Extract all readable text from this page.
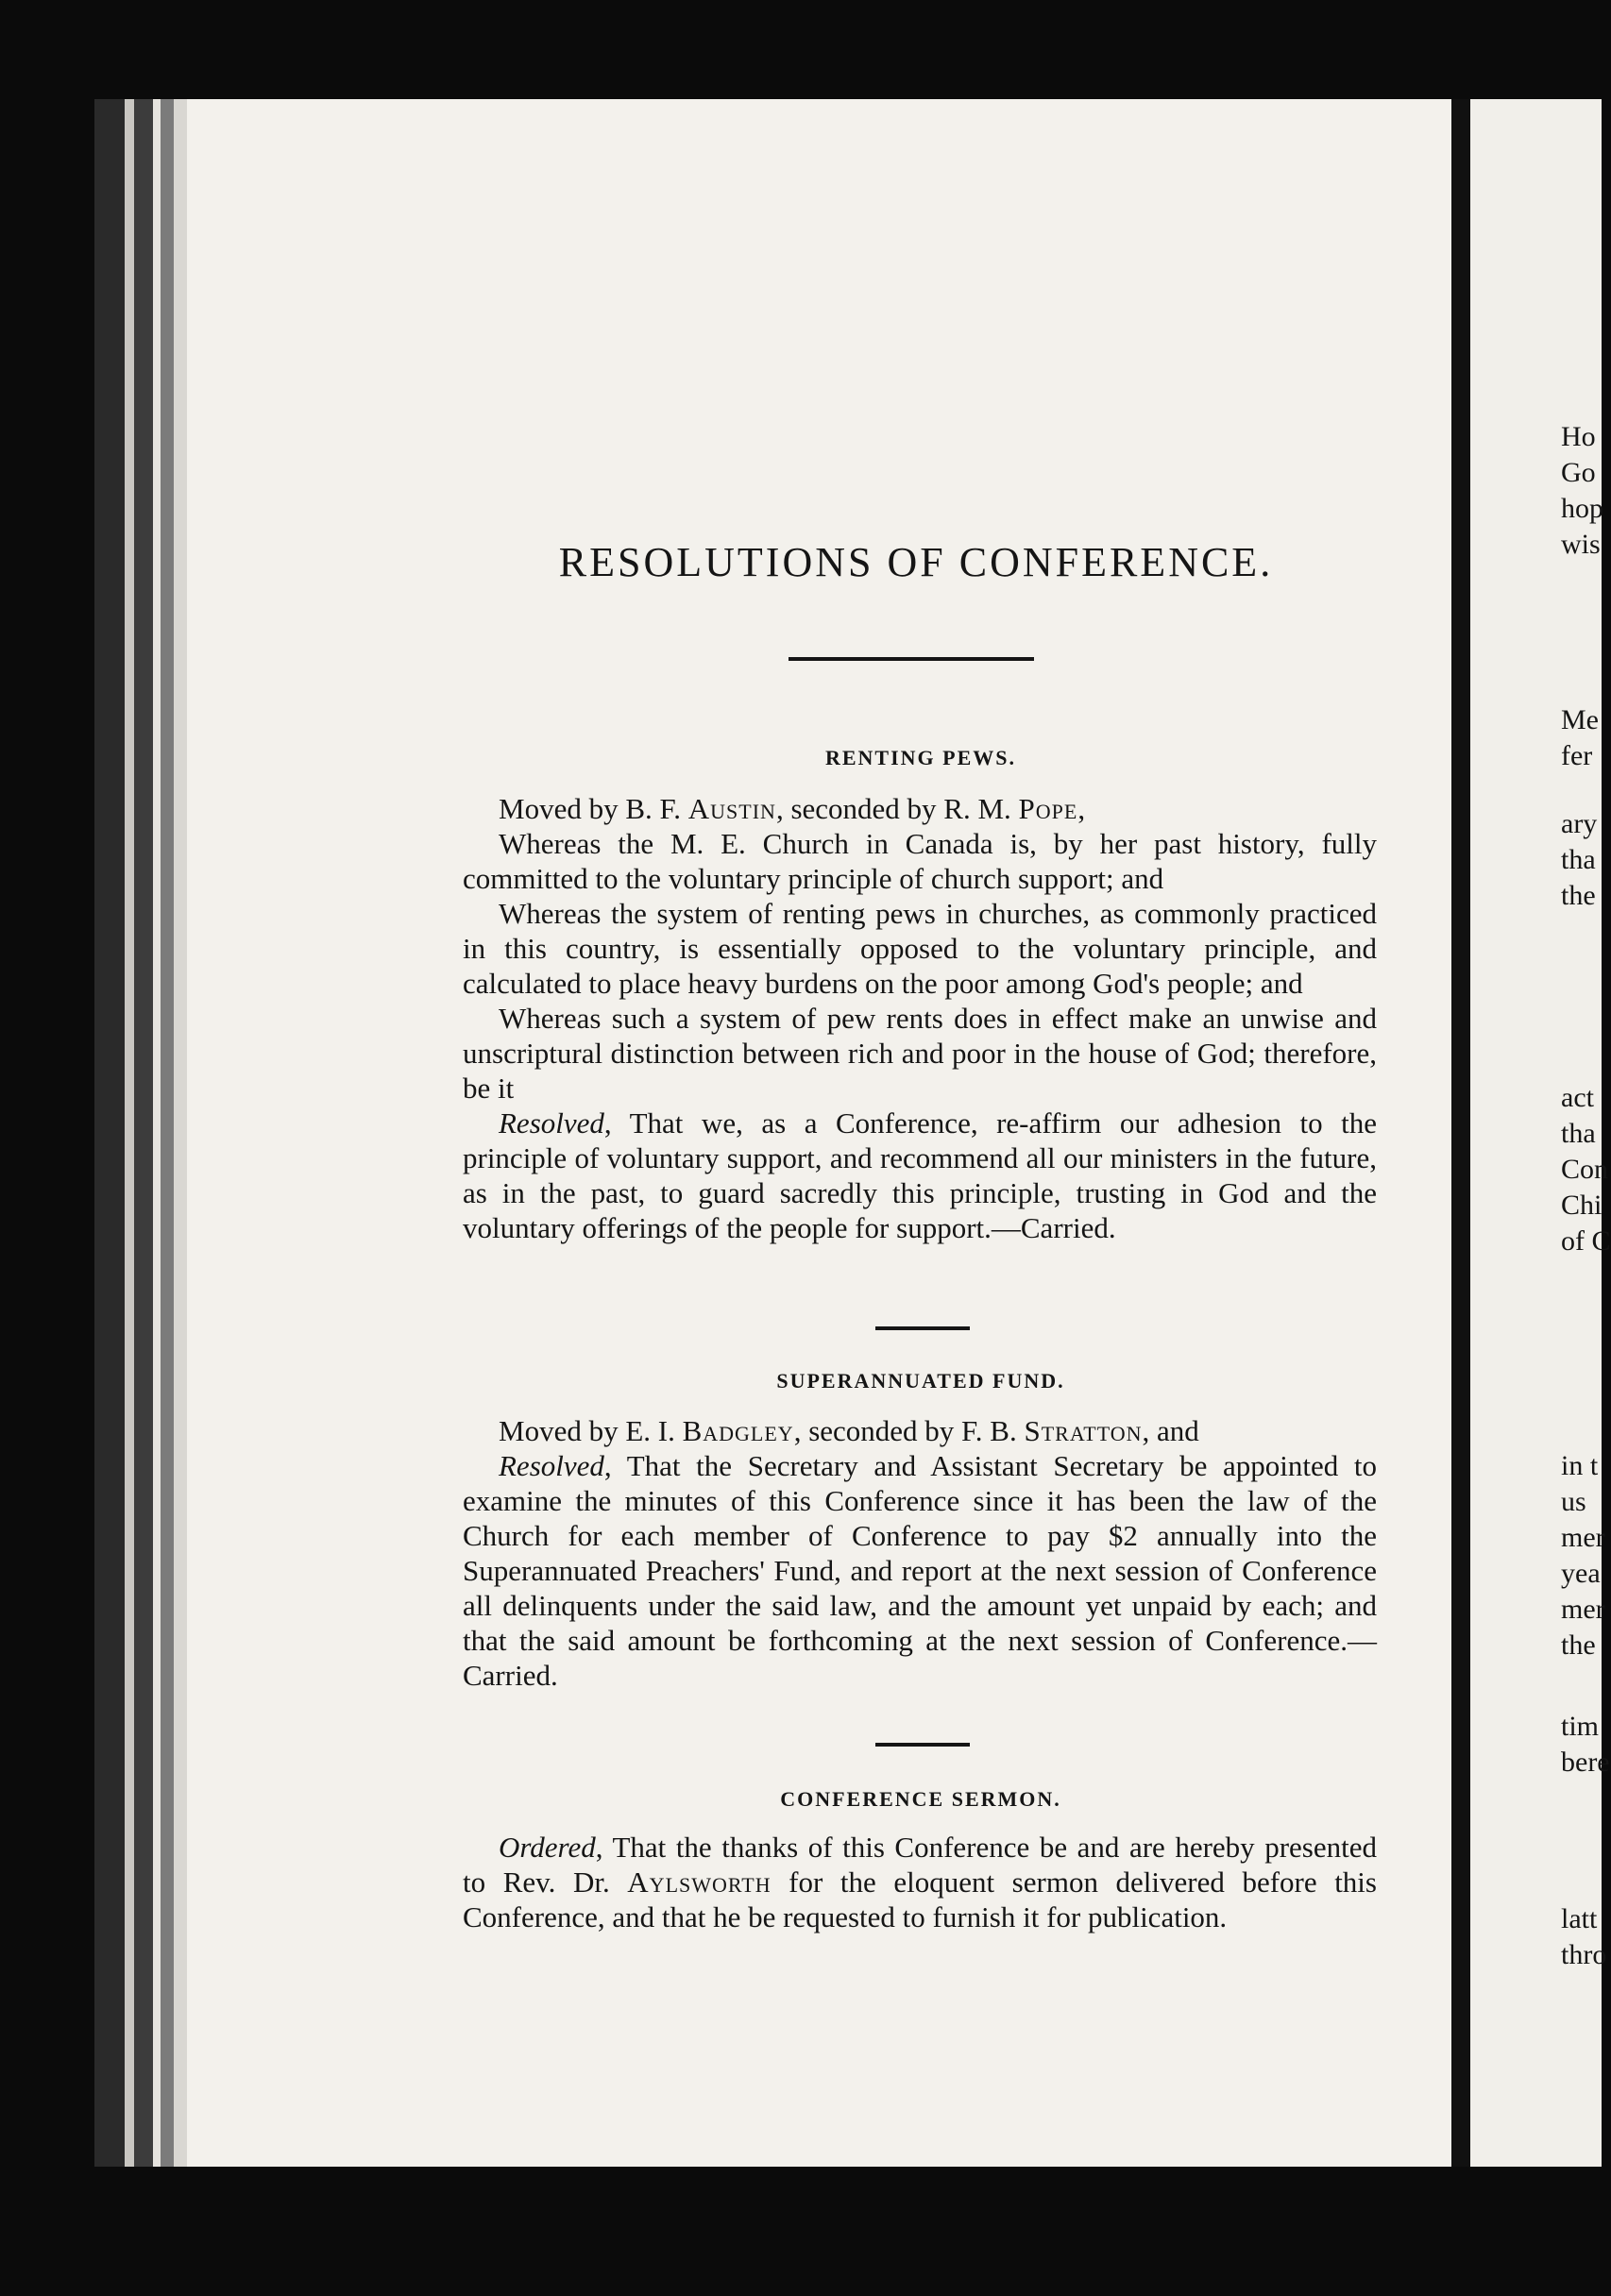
Ho
Go
hop
wis
Me
fer
ary
tha
the
act
tha
Con
Chi
of C
in t
us
mer
yea
mer
the
tim
bere
latt
thro
RESOLUTIONS OF CONFERENCE.
RENTING PEWS.

Moved by B. F. Austin, seconded by R. M. Pope,

Whereas the M. E. Church in Canada is, by her past history, fully committed to the voluntary principle of church support; and

Whereas the system of renting pews in churches, as commonly practiced in this country, is essentially opposed to the voluntary principle, and calculated to place heavy burdens on the poor among God's people; and

Whereas such a system of pew rents does in effect make an unwise and unscriptural distinction between rich and poor in the house of God; therefore, be it

Resolved, That we, as a Conference, re-affirm our adhesion to the principle of voluntary support, and recommend all our ministers in the future, as in the past, to guard sacredly this principle, trusting in God and the voluntary offerings of the people for support.—Carried.

SUPERANNUATED FUND.

Moved by E. I. Badgley, seconded by F. B. Stratton, and

Resolved, That the Secretary and Assistant Secretary be appointed to examine the minutes of this Conference since it has been the law of the Church for each member of Conference to pay $2 annually into the Superannuated Preachers' Fund, and report at the next session of Conference all delinquents under the said law, and the amount yet unpaid by each; and that the said amount be forthcoming at the next session of Conference.—Carried.

CONFERENCE SERMON.

Ordered, That the thanks of this Conference be and are hereby presented to Rev. Dr. Aylsworth for the eloquent sermon delivered before this Conference, and that he be requested to furnish it for publication.
